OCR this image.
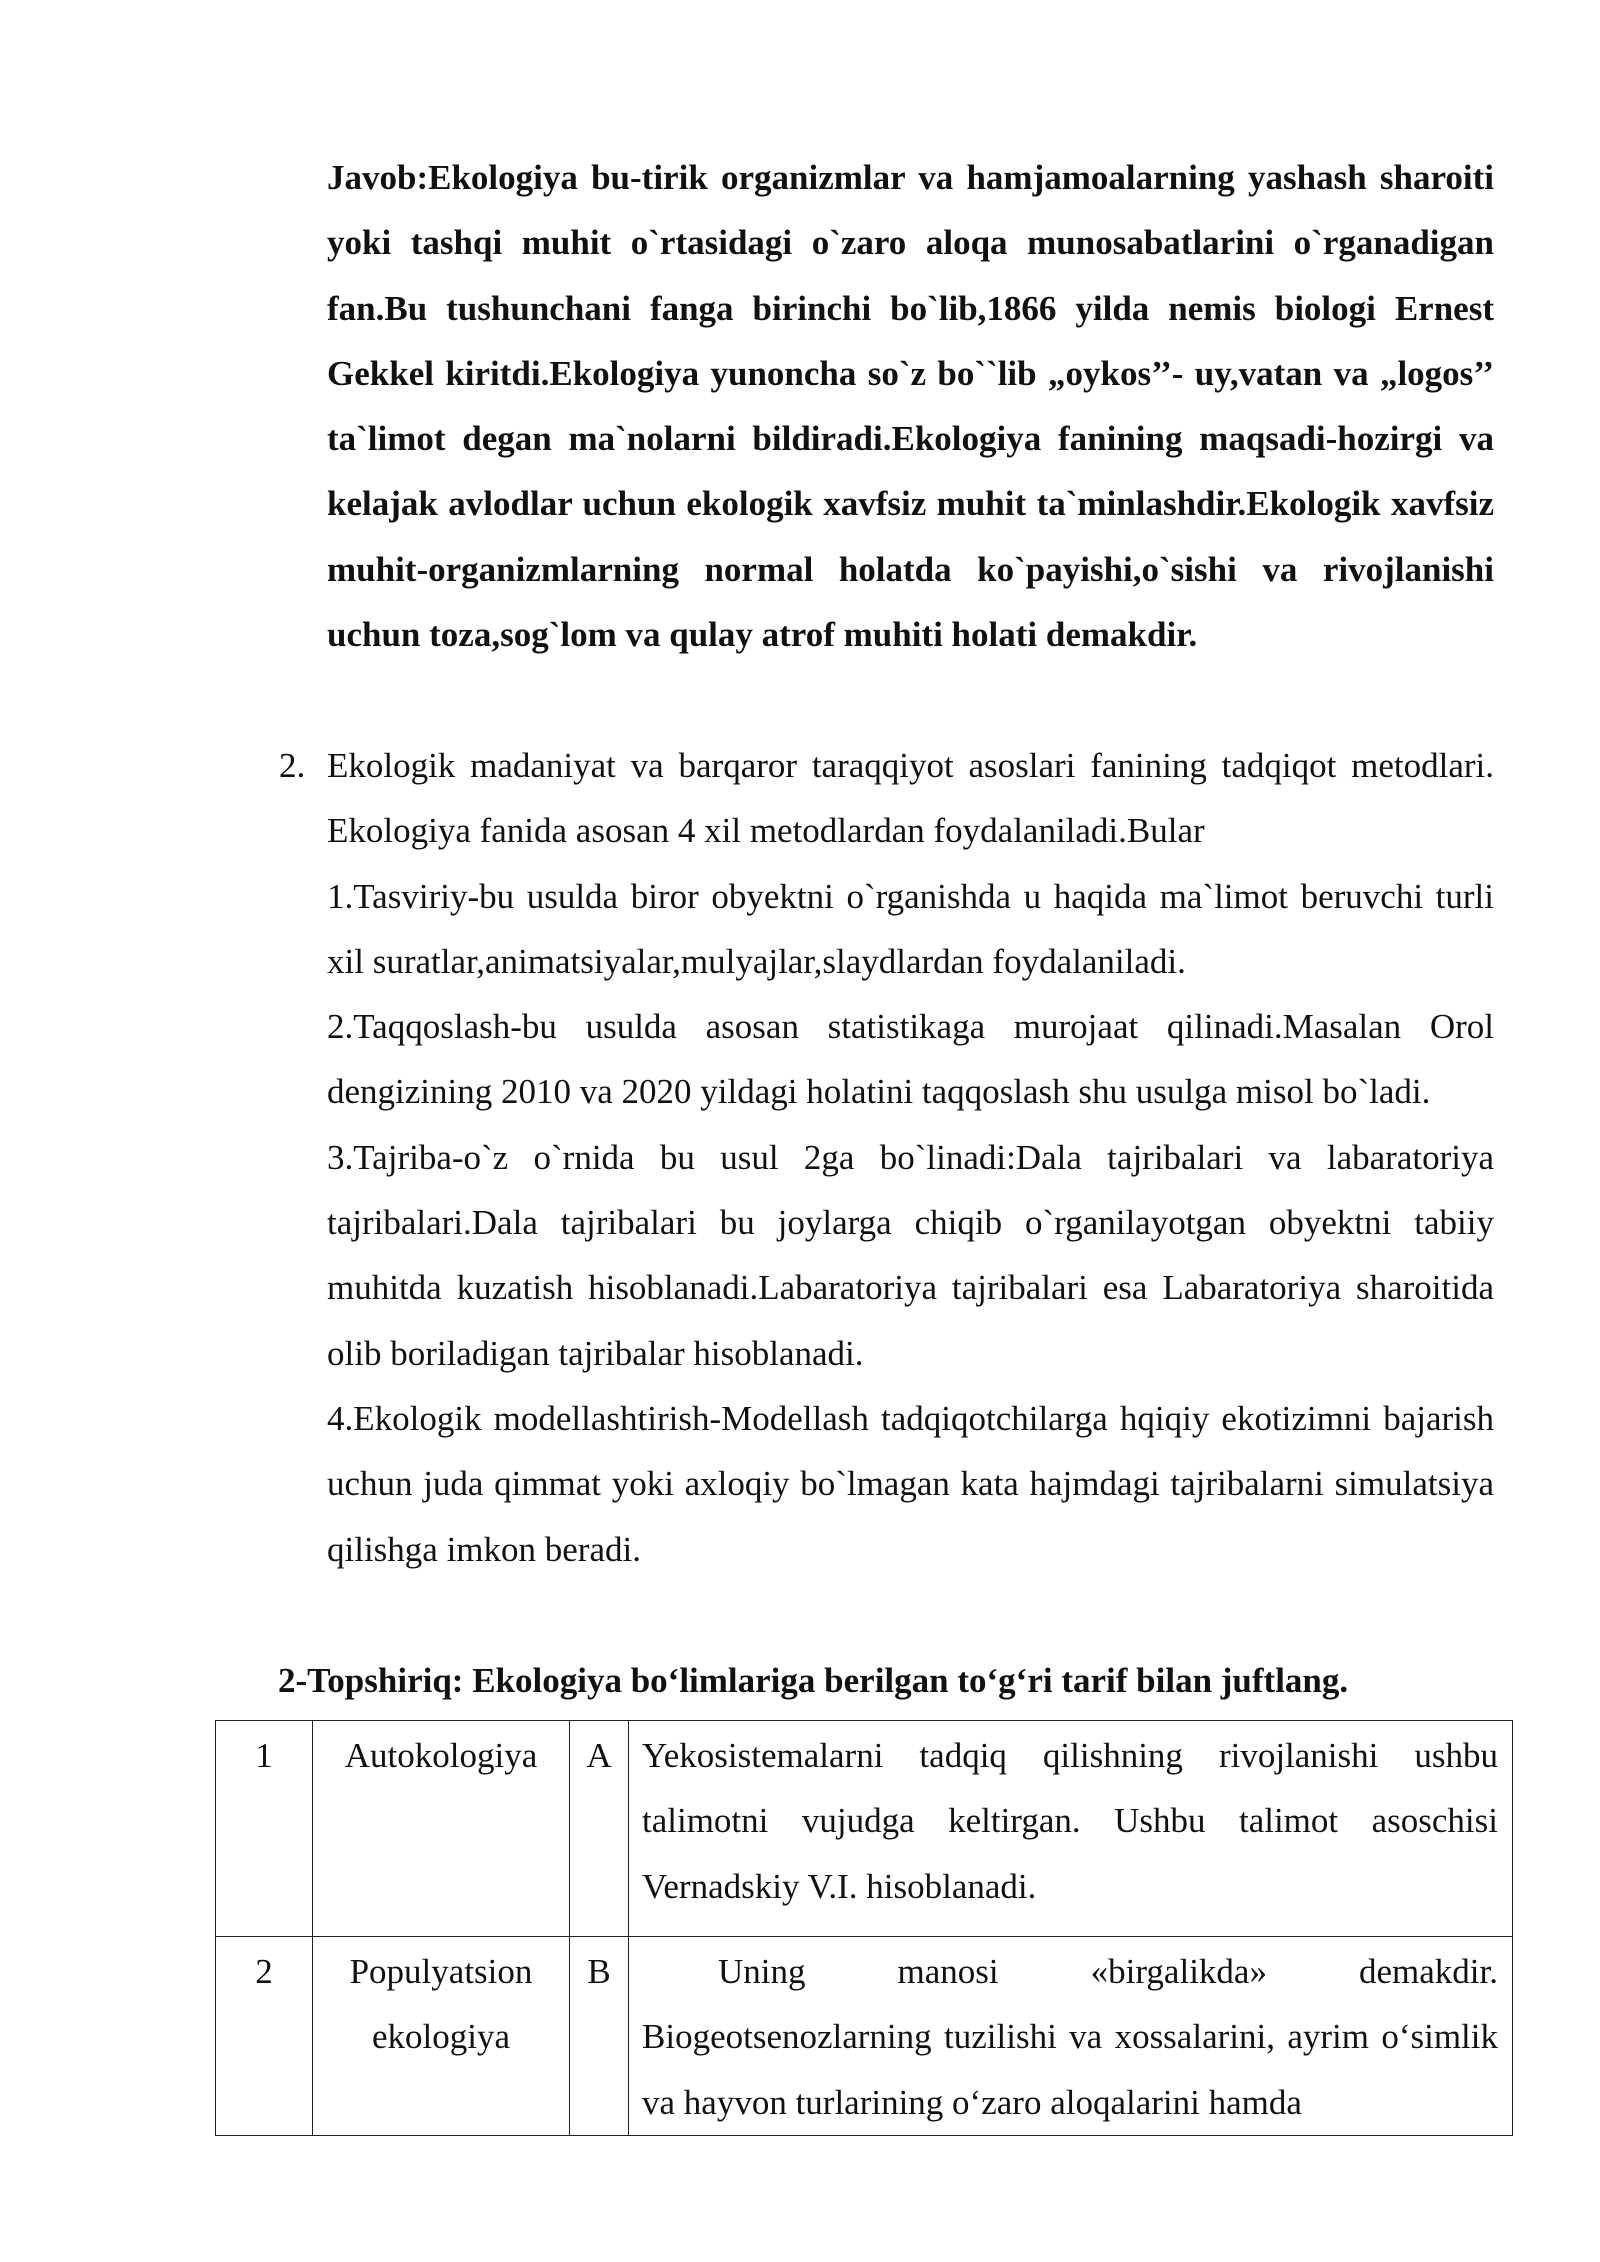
Javob:Ekologiya bu-tirik organizmlar va hamjamoalarning yashash sharoiti yoki tashqi muhit o`rtasidagi o`zaro aloqa munosabatlarini o`rganadigan fan.Bu tushunchani fanga birinchi bo`lib,1866 yilda nemis biologi Ernest Gekkel kiritdi.Ekologiya yunoncha so`z bo``lib „oykos’’- uy,vatan va „logos’’ ta`limot degan ma`nolarni bildiradi.Ekologiya fanining maqsadi-hozirgi va kelajak avlodlar uchun ekologik xavfsiz muhit ta`minlashdir.Ekologik xavfsiz muhit-organizmlarning normal holatda ko`payishi,o`sishi va rivojlanishi uchun toza,sog`lom va qulay atrof muhiti holati demakdir.

2. Ekologik madaniyat va barqaror taraqqiyot asoslari fanining tadqiqot metodlari. Ekologiya fanida asosan 4 xil metodlardan foydalaniladi.Bular

1.Tasviriy-bu usulda biror obyektni o`rganishda u haqida ma`limot beruvchi turli xil suratlar,animatsiyalar,mulyajlar,slaydlardan foydalaniladi.

2.Taqqoslash-bu usulda asosan statistikaga murojaat qilinadi.Masalan Orol dengizining 2010 va 2020 yildagi holatini taqqoslash shu usulga misol bo`ladi.

3.Tajriba-o`z o`rnida bu usul 2ga bo`linadi:Dala tajribalari va labaratoriya tajribalari.Dala tajribalari bu joylarga chiqib o`rganilayotgan obyektni tabiiy muhitda kuzatish hisoblanadi.Labaratoriya tajribalari esa Labaratoriya sharoitida olib boriladigan tajribalar hisoblanadi.

4.Ekologik modellashtirish-Modellash tadqiqotchilarga hqiqiy ekotizimni bajarish uchun juda qimmat yoki axloqiy bo`lmagan kata hajmdagi tajribalarni simulatsiya qilishga imkon beradi.

2-Topshiriq: Ekologiya bo‘limlariga berilgan to‘g‘ri tarif bilan juftlang.

1	Autokologiya	A	Yekosistemalarni tadqiq qilishning rivojlanishi ushbu talimotni vujudga keltirgan. Ushbu talimot asoschisi Vernadskiy V.I. hisoblanadi.
2	Populyatsion ekologiya	B	Uning manosi «birgalikda» demakdir. Biogeotsenozlarning tuzilishi va xossalarini, ayrim o‘simlik va hayvon turlarining o‘zaro aloqalarini hamda
